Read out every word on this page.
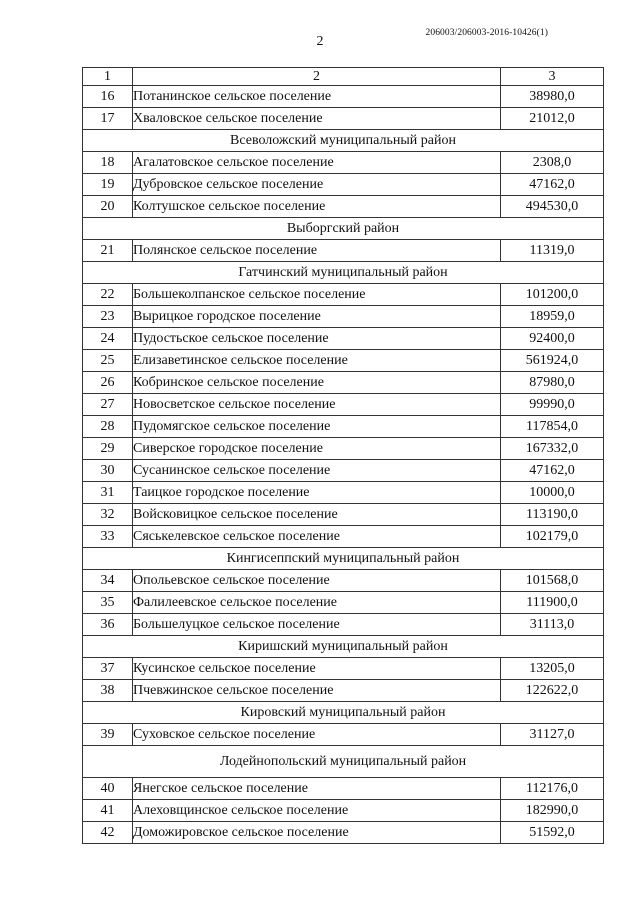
206003/206003-2016-10426(1)
2
1	2	3
16	Потанинское сельское поселение	38980,0
17	Хваловское сельское поселение	21012,0
Всеволожский муниципальный район		
18	Агалатовское сельское поселение	2308,0
19	Дубровское сельское поселение	47162,0
20	Колтушское сельское поселение	494530,0
Выборгский район		
21	Полянское сельское поселение	11319,0
Гатчинский муниципальный район		
22	Большеколпанское сельское поселение	101200,0
23	Вырицкое городское поселение	18959,0
24	Пудостьское сельское поселение	92400,0
25	Елизаветинское сельское поселение	561924,0
26	Кобринское сельское поселение	87980,0
27	Новосветское сельское поселение	99990,0
28	Пудомягское сельское поселение	117854,0
29	Сиверское городское поселение	167332,0
30	Сусанинское сельское поселение	47162,0
31	Таицкое городское поселение	10000,0
32	Войсковицкое сельское поселение	113190,0
33	Сяськелевское сельское поселение	102179,0
Кингисеппский муниципальный район		
34	Опольевское сельское поселение	101568,0
35	Фалилеевское сельское поселение	111900,0
36	Большелуцкое сельское поселение	31113,0
Киришский муниципальный район		
37	Кусинское сельское поселение	13205,0
38	Пчевжинское сельское поселение	122622,0
Кировский муниципальный район		
39	Суховское сельское поселение	31127,0
Лодейнопольский муниципальный район		
40	Янегское сельское поселение	112176,0
41	Алеховщинское сельское поселение	182990,0
42	Доможировское сельское поселение	51592,0
